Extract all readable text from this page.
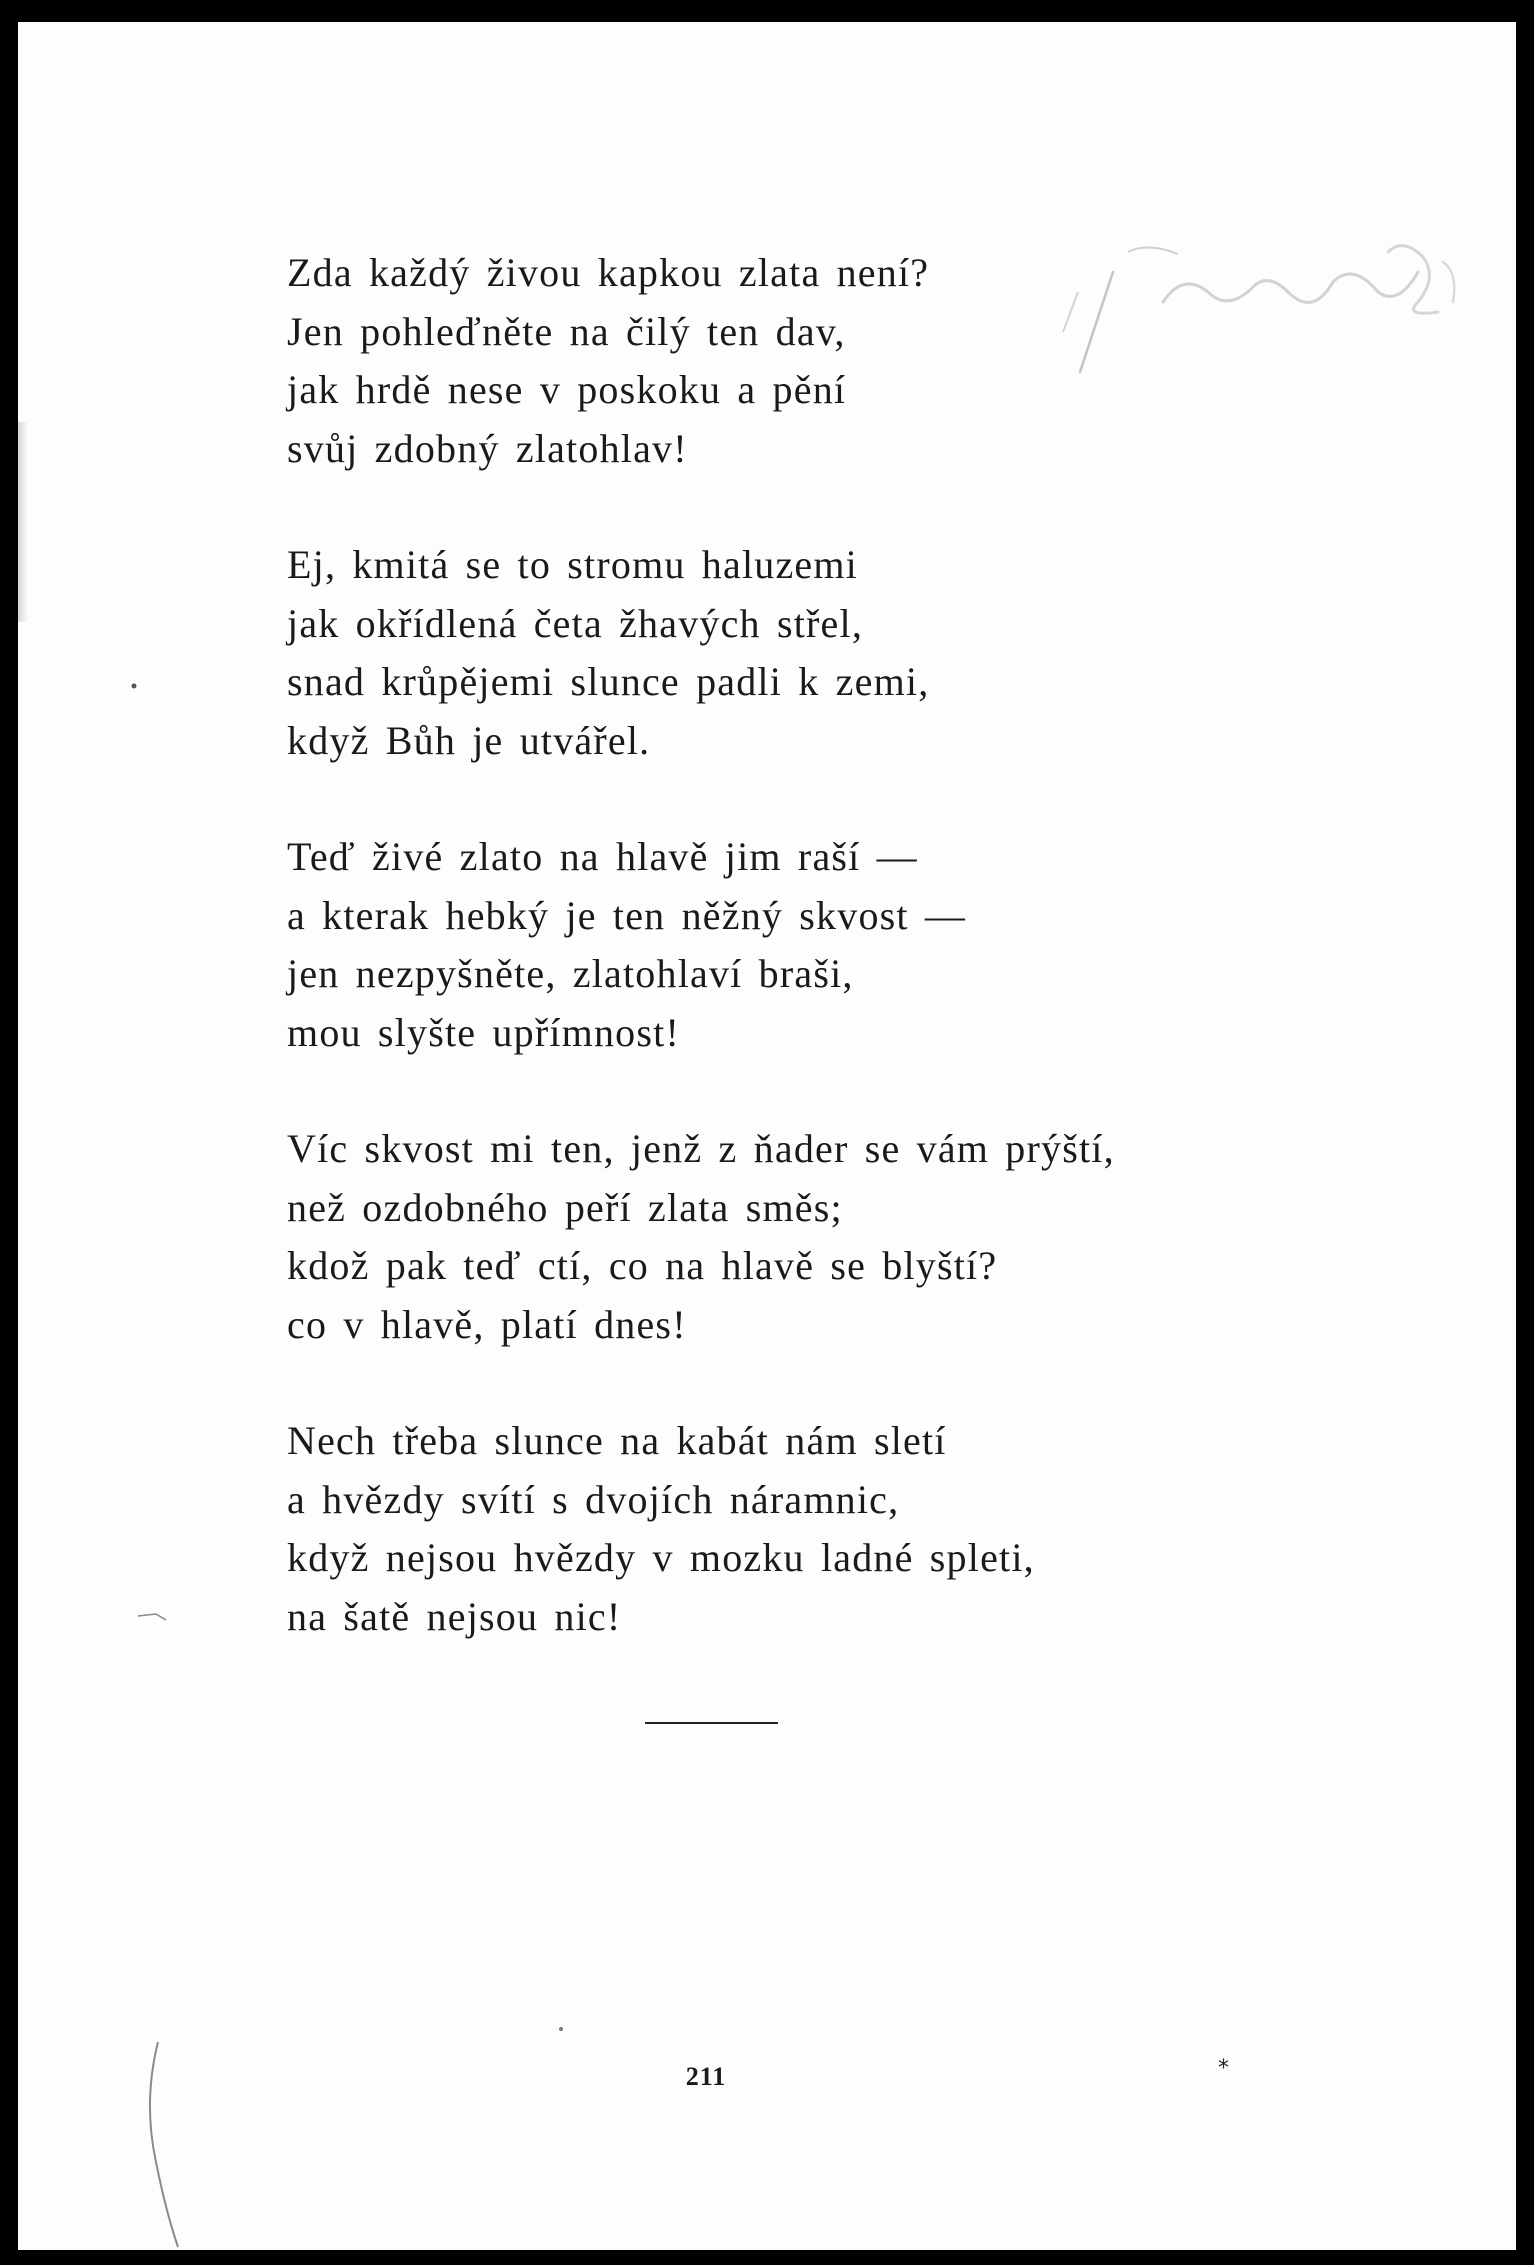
Zda každý živou kapkou zlata není?
Jen pohleďněte na čilý ten dav,
jak hrdě nese v poskoku a pění
svůj zdobný zlatohlav!
Ej, kmitá se to stromu haluzemi
jak okřídlená četa žhavých střel,
snad krůpějemi slunce padli k zemi,
když Bůh je utvářel.
Teď živé zlato na hlavě jim raší —
a kterak hebký je ten něžný skvost —
jen nezpyšněte, zlatohlaví braši,
mou slyšte upřímnost!
Víc skvost mi ten, jenž z ňader se vám prýští,
než ozdobného peří zlata směs;
kdož pak teď ctí, co na hlavě se blyští?
co v hlavě, platí dnes!
Nech třeba slunce na kabát nám sletí
a hvězdy svítí s dvojích náramnic,
když nejsou hvězdy v mozku ladné spleti,
na šatě nejsou nic!
211	*
